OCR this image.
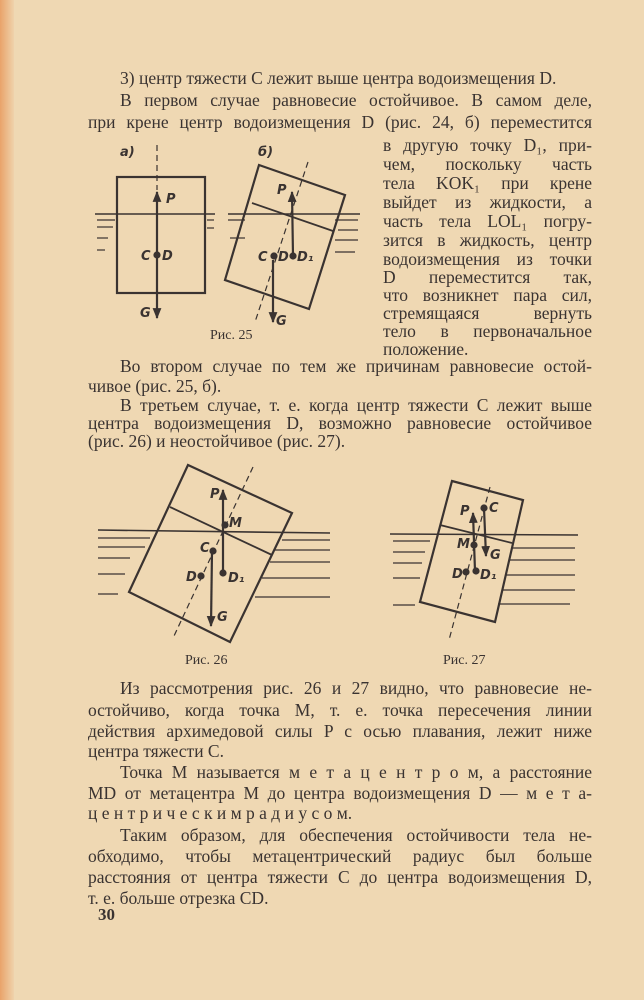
3) центр тяжести C лежит выше центра водоизмещения D.
В первом случае равновесие остойчивое. В самом деле,
при крене центр водоизмещения D (рис. 24, б) переместится
в другую точку D₁, при-
чем, поскольку часть
тела KOK₁ при крене
выйдет из жидкости, а
часть тела LOL₁ погру-
зится в жидкость, центр
водоизмещения из точки
D переместится так,
что возникнет пара сил,
стремящаяся вернуть
тело в первоначальное
положение.
Во втором случае по тем же причинам равновесие остой-
чивое (рис. 25, б).
В третьем случае, т. е. когда центр тяжести C лежит выше
центра водоизмещения D, возможно равновесие остойчивое
(рис. 26) и неостойчивое (рис. 27).
Из рассмотрения рис. 26 и 27 видно, что равновесие не-
остойчиво, когда точка M, т. е. точка пересечения линии
действия архимедовой силы P с осью плавания, лежит ниже
центра тяжести C.
Точка M называется м е т а ц е н т р о м, а расстояние
MD от метацентра M до центра водоизмещения D — м е т а-
ц е н т р и ч е с к и м р а д и у с о м.
Таким образом, для обеспечения остойчивости тела не-
обходимо, чтобы метацентрический радиус был больше
расстояния от центра тяжести C до центра водоизмещения D,
т. е. больше отрезка CD.
а)	б)
P
C D
G
P
C D D₁
G
P
M
C
D D₁
G
P C
M
G
D D₁
Рис. 25
Рис. 26	Рис. 27
30
